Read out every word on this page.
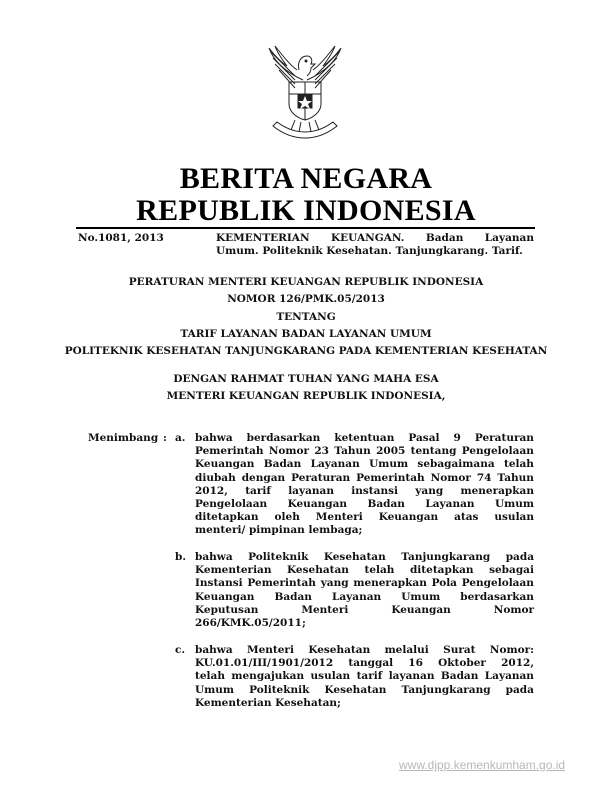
BERITA NEGARA
REPUBLIK INDONESIA
No.1081, 2013	KEMENTERIAN KEUANGAN. Badan Layanan
Umum. Politeknik Kesehatan. Tanjungkarang. Tarif.
PERATURAN MENTERI KEUANGAN REPUBLIK INDONESIA
NOMOR 126/PMK.05/2013
TENTANG
TARIF LAYANAN BADAN LAYANAN UMUM
POLITEKNIK KESEHATAN TANJUNGKARANG PADA KEMENTERIAN KESEHATAN
DENGAN RAHMAT TUHAN YANG MAHA ESA
MENTERI KEUANGAN REPUBLIK INDONESIA,
Menimbang : a. bahwa berdasarkan ketentuan Pasal 9 Peraturan
Pemerintah Nomor 23 Tahun 2005 tentang Pengelolaan
Keuangan Badan Layanan Umum sebagaimana telah
diubah dengan Peraturan Pemerintah Nomor 74 Tahun
2012, tarif layanan instansi yang menerapkan
Pengelolaan Keuangan Badan Layanan Umum
ditetapkan oleh Menteri Keuangan atas usulan
menteri/ pimpinan lembaga;
b. bahwa Politeknik Kesehatan Tanjungkarang pada
Kementerian Kesehatan telah ditetapkan sebagai
Instansi Pemerintah yang menerapkan Pola Pengelolaan
Keuangan Badan Layanan Umum berdasarkan
Keputusan	Menteri	Keuangan	Nomor
266/KMK.05/2011;
c. bahwa Menteri Kesehatan melalui Surat Nomor:
KU.01.01/III/1901/2012 tanggal 16 Oktober 2012,
telah mengajukan usulan tarif layanan Badan Layanan
Umum Politeknik Kesehatan Tanjungkarang pada
Kementerian Kesehatan;
www.djpp.kemenkumham.go.id
